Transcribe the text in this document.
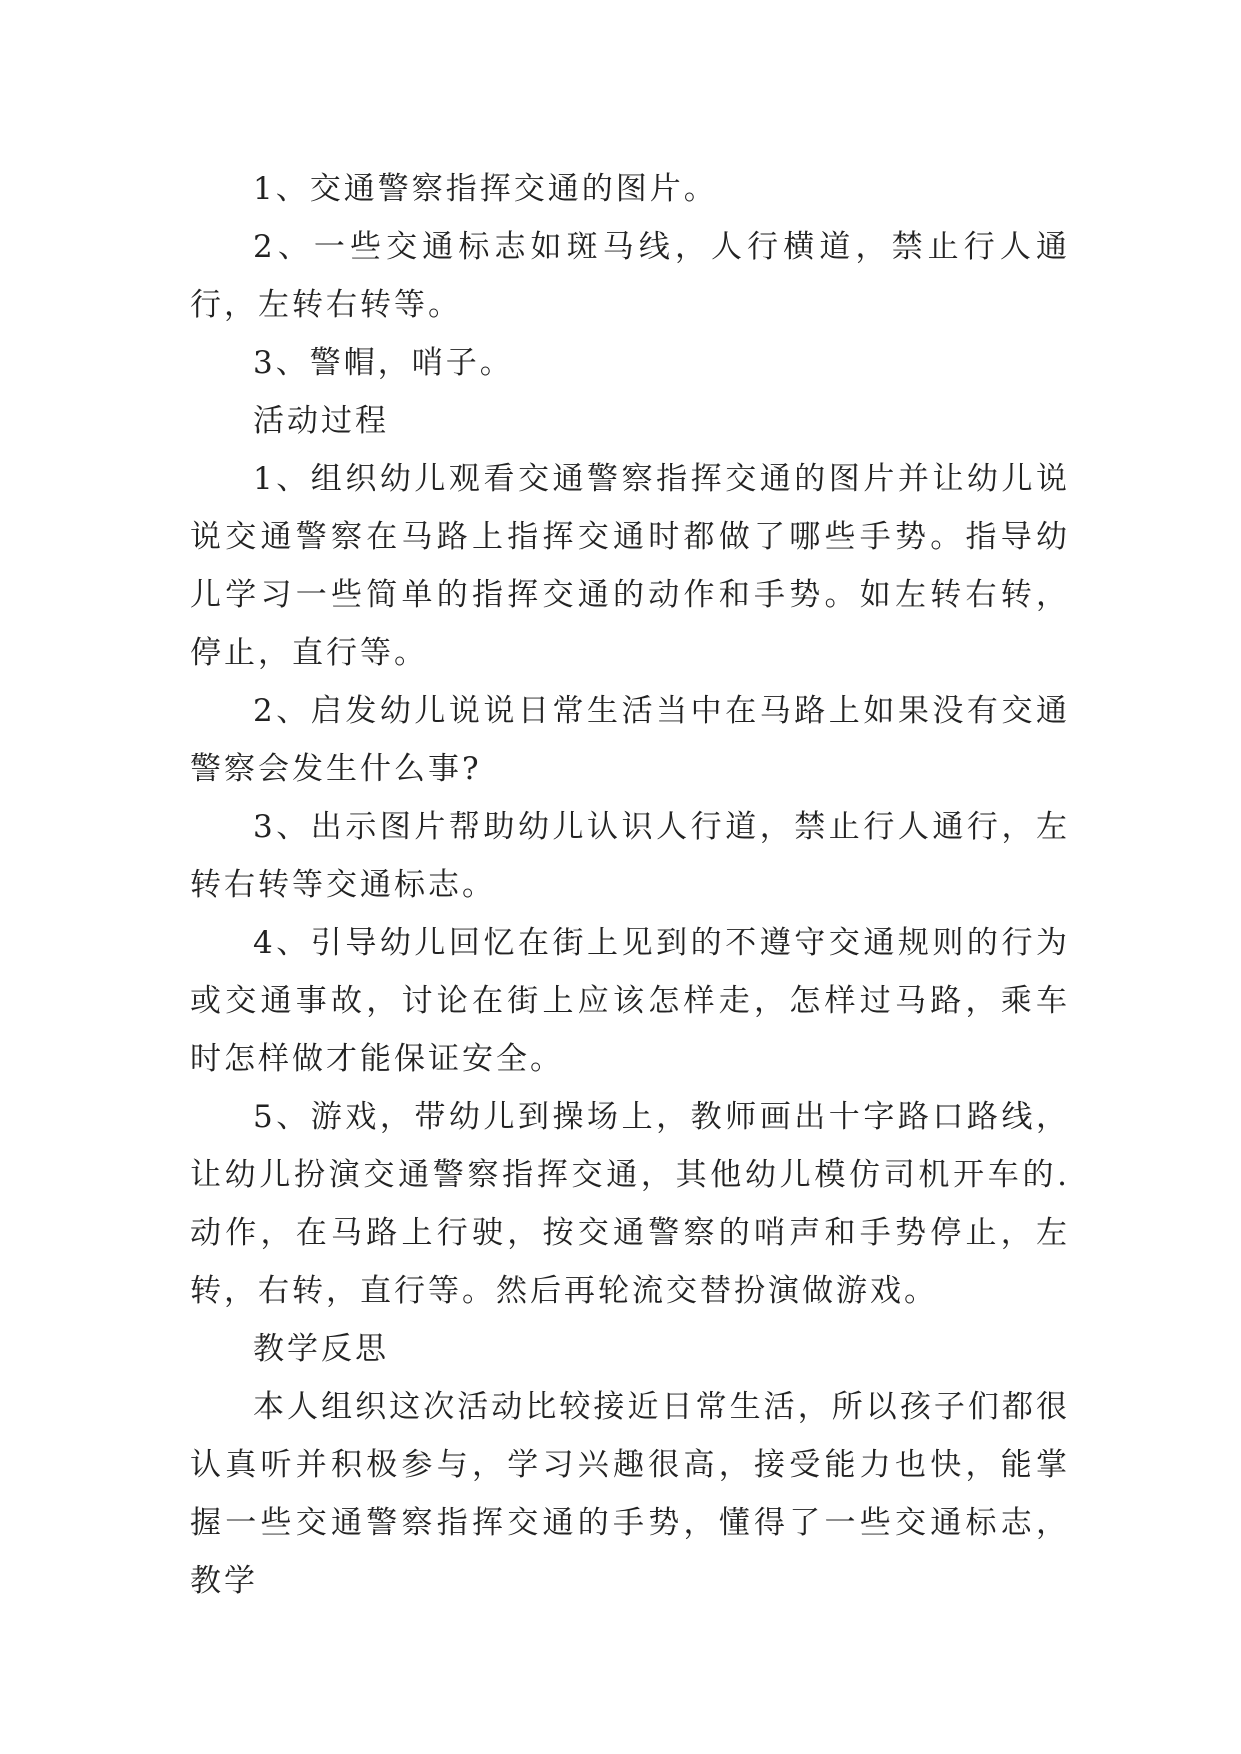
1、交通警察指挥交通的图片。

2、一些交通标志如斑马线，人行横道，禁止行人通行，左转右转等。

3、警帽，哨子。

活动过程

1、组织幼儿观看交通警察指挥交通的图片并让幼儿说说交通警察在马路上指挥交通时都做了哪些手势。指导幼儿学习一些简单的指挥交通的动作和手势。如左转右转，停止，直行等。

2、启发幼儿说说日常生活当中在马路上如果没有交通警察会发生什么事?

3、出示图片帮助幼儿认识人行道，禁止行人通行，左转右转等交通标志。

4、引导幼儿回忆在街上见到的不遵守交通规则的行为或交通事故，讨论在街上应该怎样走，怎样过马路，乘车时怎样做才能保证安全。

5、游戏，带幼儿到操场上，教师画出十字路口路线，让幼儿扮演交通警察指挥交通，其他幼儿模仿司机开车的.动作，在马路上行驶，按交通警察的哨声和手势停止，左转，右转，直行等。然后再轮流交替扮演做游戏。

教学反思

本人组织这次活动比较接近日常生活，所以孩子们都很认真听并积极参与，学习兴趣很高，接受能力也快，能掌握一些交通警察指挥交通的手势，懂得了一些交通标志，教学
